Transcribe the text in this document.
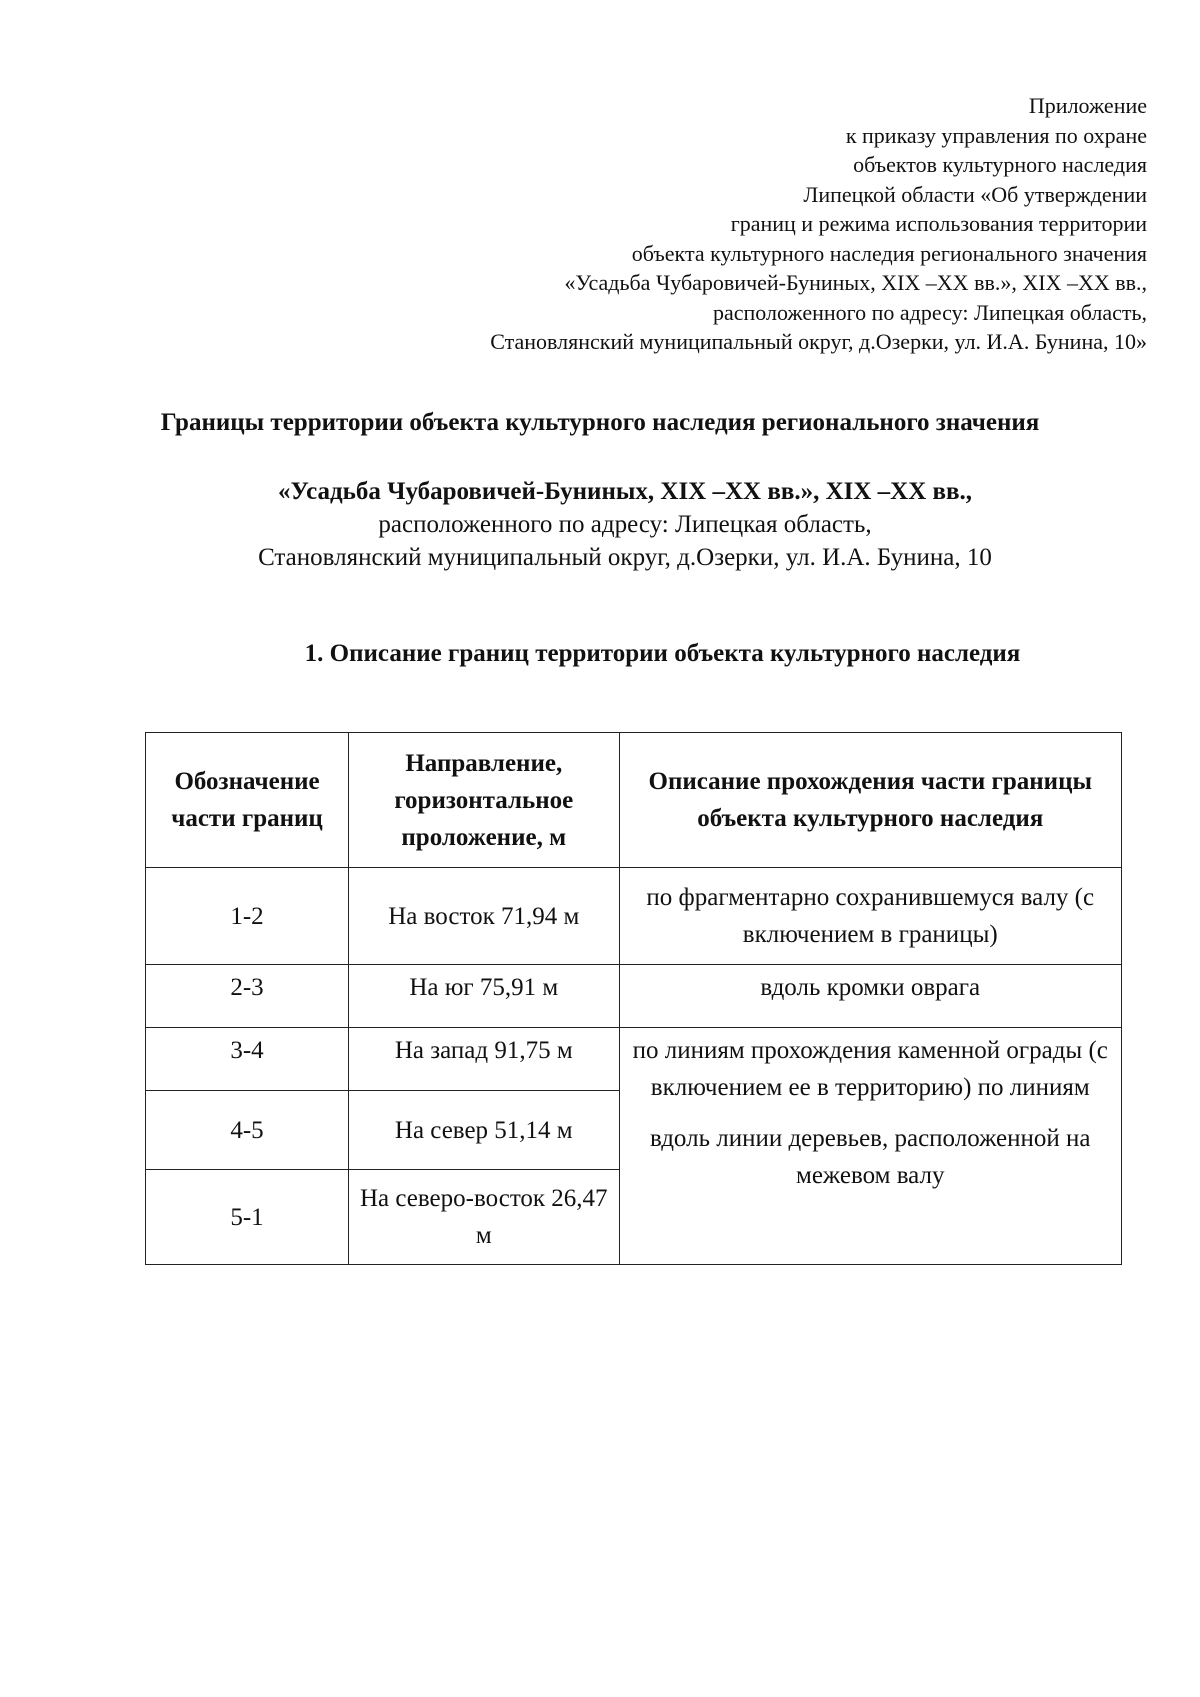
Приложение
к приказу управления по охране
объектов культурного наследия
Липецкой области «Об утверждении
границ и режима использования территории
объекта культурного наследия регионального значения
«Усадьба Чубаровичей-Буниных, XIX –XX вв.», XIX –XX вв.,
расположенного по адресу: Липецкая область,
Становлянский муниципальный округ, д.Озерки, ул. И.А. Бунина, 10»
Границы территории объекта культурного наследия регионального значения
«Усадьба Чубаровичей-Буниных, XIX –XX вв.», XIX –XX вв.,
расположенного по адресу: Липецкая область,
Становлянский муниципальный округ, д.Озерки, ул. И.А. Бунина, 10
1. Описание границ территории объекта культурного наследия
Обозначение части границ	Направление, горизонтальное проложение, м	Описание прохождения части границы объекта культурного наследия
1-2	На восток 71,94 м	по фрагментарно сохранившемуся валу (с включением в границы)
2-3	На юг 75,91 м	вдоль кромки оврага
3-4	На запад 91,75 м	по линиям прохождения каменной ограды (с включением ее в территорию) по линиям

вдоль линии деревьев, расположенной на межевом валу

4-5	На север 51,14 м	
5-1	На северо-восток 26,47 м	
